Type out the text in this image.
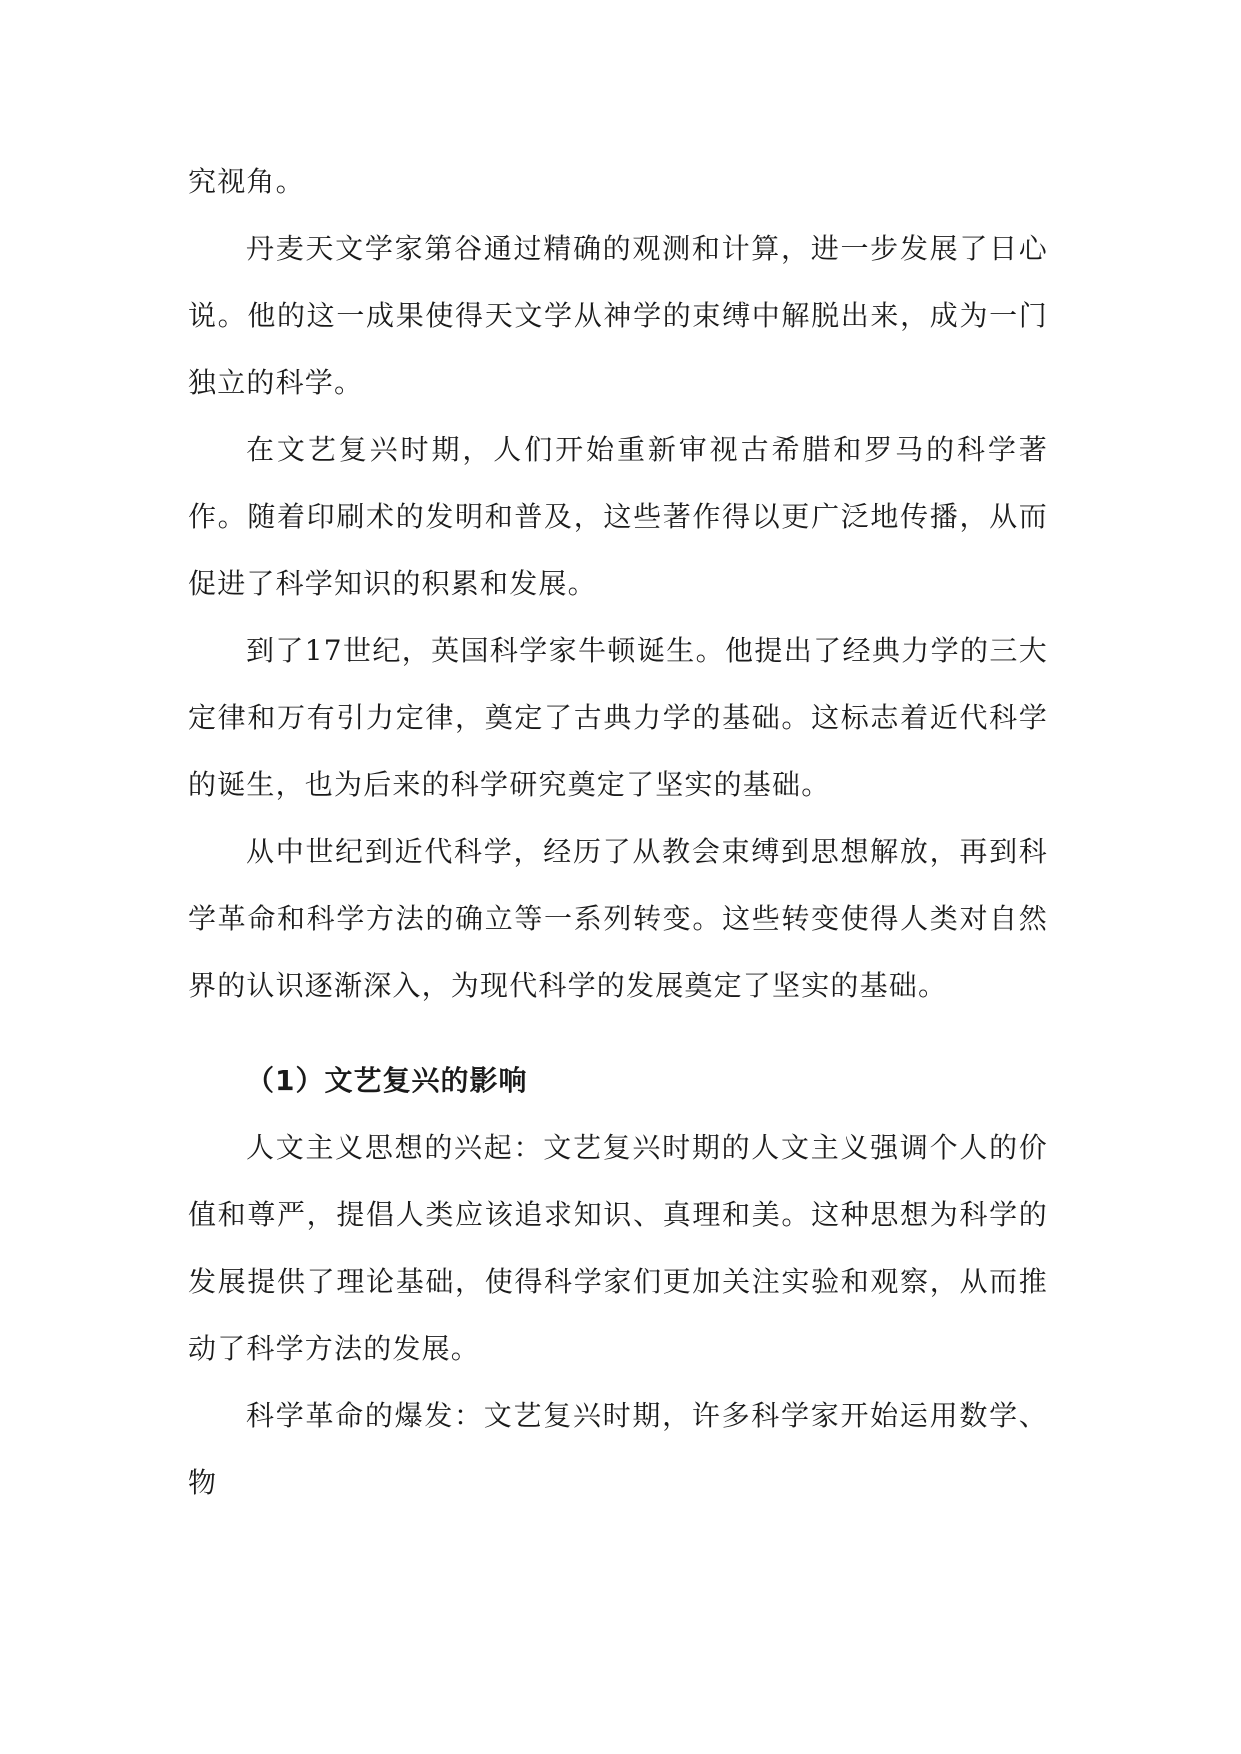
究视角。

丹麦天文学家第谷通过精确的观测和计算，进一步发展了日心说。他的这一成果使得天文学从神学的束缚中解脱出来，成为一门独立的科学。

在文艺复兴时期，人们开始重新审视古希腊和罗马的科学著作。随着印刷术的发明和普及，这些著作得以更广泛地传播，从而促进了科学知识的积累和发展。

到了17世纪，英国科学家牛顿诞生。他提出了经典力学的三大定律和万有引力定律，奠定了古典力学的基础。这标志着近代科学的诞生，也为后来的科学研究奠定了坚实的基础。

从中世纪到近代科学，经历了从教会束缚到思想解放，再到科学革命和科学方法的确立等一系列转变。这些转变使得人类对自然界的认识逐渐深入，为现代科学的发展奠定了坚实的基础。

（1）文艺复兴的影响

人文主义思想的兴起：文艺复兴时期的人文主义强调个人的价值和尊严，提倡人类应该追求知识、真理和美。这种思想为科学的发展提供了理论基础，使得科学家们更加关注实验和观察，从而推动了科学方法的发展。

科学革命的爆发：文艺复兴时期，许多科学家开始运用数学、物
